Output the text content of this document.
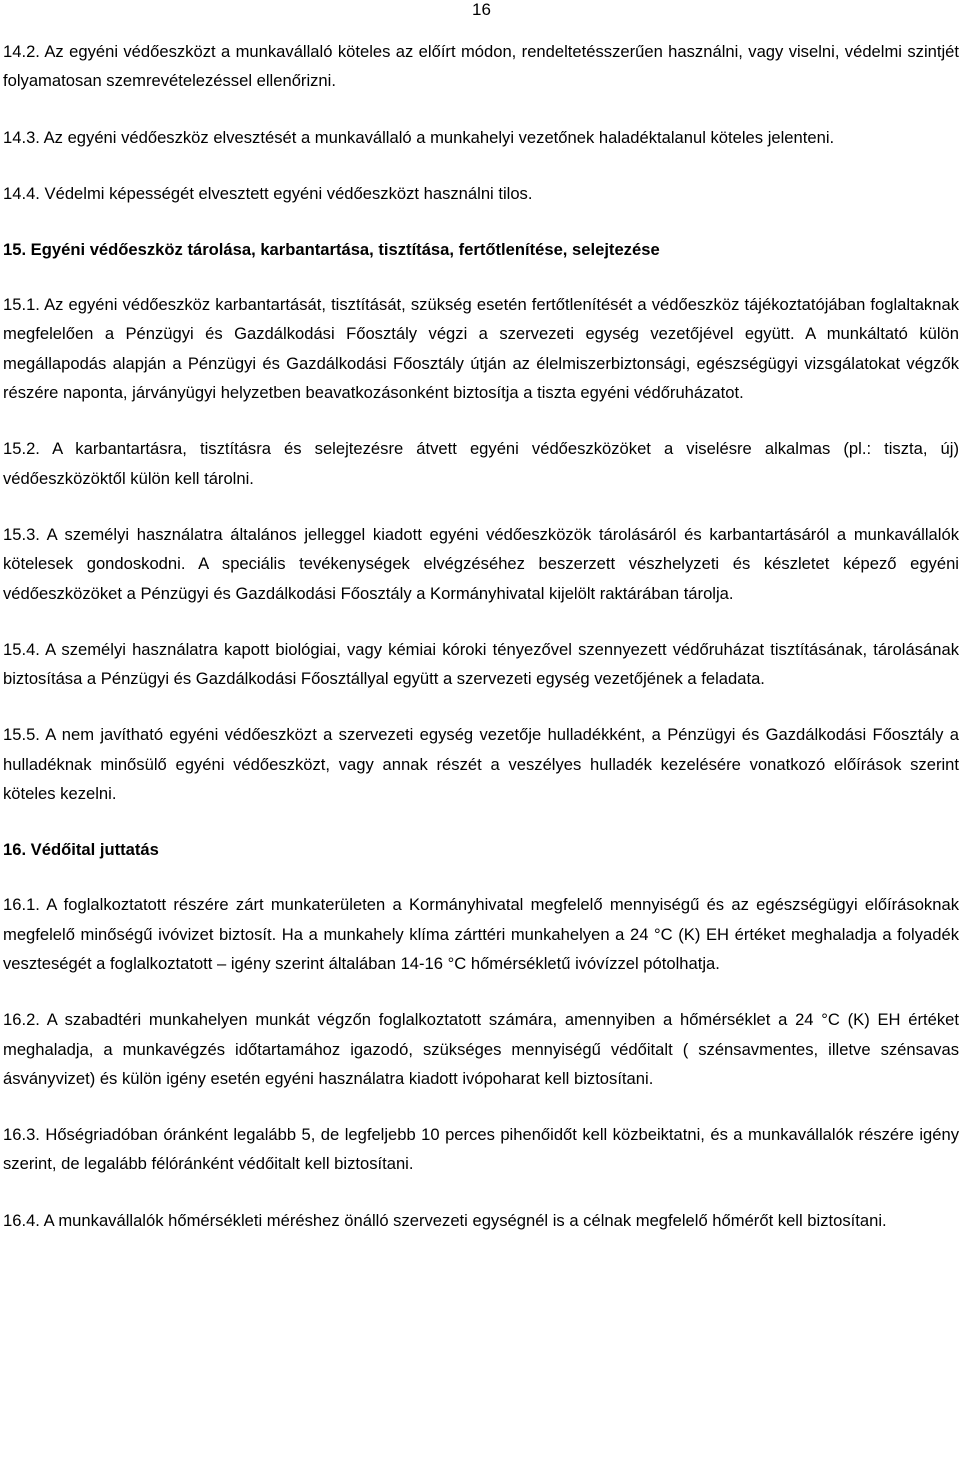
16

14.2. Az egyéni védőeszközt a munkavállaló köteles az előírt módon, rendeltetésszerűen használni, vagy viselni, védelmi szintjét folyamatosan szemrevételezéssel ellenőrizni.

14.3. Az egyéni védőeszköz elvesztését a munkavállaló a munkahelyi vezetőnek haladéktalanul köteles jelenteni.

14.4. Védelmi képességét elvesztett egyéni védőeszközt használni tilos.

15. Egyéni védőeszköz tárolása, karbantartása, tisztítása, fertőtlenítése, selejtezése

15.1. Az egyéni védőeszköz karbantartását, tisztítását, szükség esetén fertőtlenítését a védőeszköz tájékoztatójában foglaltaknak megfelelően a Pénzügyi és Gazdálkodási Főosztály végzi a szervezeti egység vezetőjével együtt. A munkáltató külön megállapodás alapján a Pénzügyi és Gazdálkodási Főosztály útján az élelmiszerbiztonsági, egészségügyi vizsgálatokat végzők részére naponta, járványügyi helyzetben beavatkozásonként biztosítja a tiszta egyéni védőruházatot.

15.2. A karbantartásra, tisztításra és selejtezésre átvett egyéni védőeszközöket a viselésre alkalmas (pl.: tiszta, új) védőeszközöktől külön kell tárolni.

15.3. A személyi használatra általános jelleggel kiadott egyéni védőeszközök tárolásáról és karbantartásáról a munkavállalók kötelesek gondoskodni. A speciális tevékenységek elvégzéséhez beszerzett vészhelyzeti és készletet képező egyéni védőeszközöket a Pénzügyi és Gazdálkodási Főosztály a Kormányhivatal kijelölt raktárában tárolja.

15.4. A személyi használatra kapott biológiai, vagy kémiai kóroki tényezővel szennyezett védőruházat tisztításának, tárolásának biztosítása a Pénzügyi és Gazdálkodási Főosztállyal együtt a szervezeti egység vezetőjének a feladata.

15.5. A nem javítható egyéni védőeszközt a szervezeti egység vezetője hulladékként, a Pénzügyi és Gazdálkodási Főosztály a hulladéknak minősülő egyéni védőeszközt, vagy annak részét a veszélyes hulladék kezelésére vonatkozó előírások szerint köteles kezelni.

16. Védőital juttatás

16.1. A foglalkoztatott részére zárt munkaterületen a Kormányhivatal megfelelő mennyiségű és az egészségügyi előírásoknak megfelelő minőségű ivóvizet biztosít. Ha a munkahely klíma zárttéri munkahelyen a 24 °C (K) EH értéket meghaladja a folyadék veszteségét a foglalkoztatott – igény szerint általában 14-16 °C hőmérsékletű ivóvízzel pótolhatja.

16.2. A szabadtéri munkahelyen munkát végzőn foglalkoztatott számára, amennyiben a hőmérséklet a 24 °C (K) EH értéket meghaladja, a munkavégzés időtartamához igazodó, szükséges mennyiségű védőitalt ( szénsavmentes, illetve szénsavas ásványvizet) és külön igény esetén egyéni használatra kiadott ivópoharat kell biztosítani.

16.3. Hőségriadóban óránként legalább 5, de legfeljebb 10 perces pihenőidőt kell közbeiktatni, és a munkavállalók részére igény szerint, de legalább félóránként védőitalt kell biztosítani.

16.4. A munkavállalók hőmérsékleti méréshez önálló szervezeti egységnél is a célnak megfelelő hőmérőt kell biztosítani.
